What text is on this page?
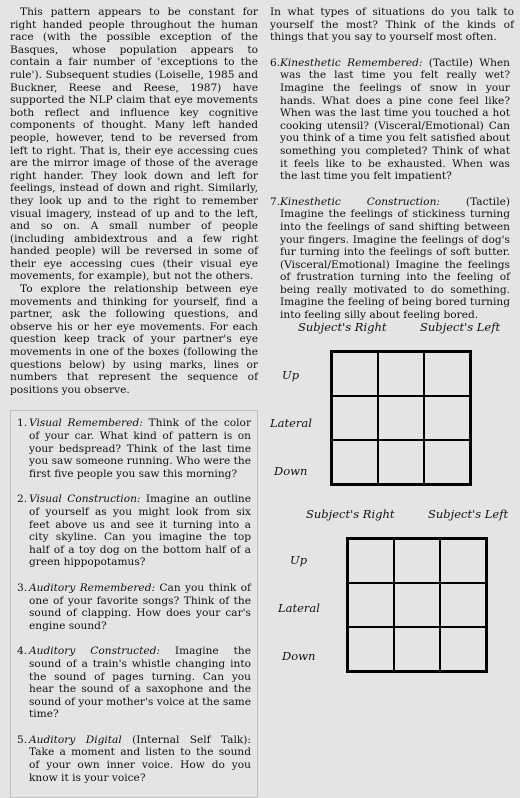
This pattern appears to be constant for right handed people throughout the human race (with the possible exception of the Basques, whose population appears to contain a fair number of 'exceptions to the rule'). Subsequent studies (Loiselle, 1985 and Buckner, Reese and Reese, 1987) have supported the NLP claim that eye movements both reflect and influence key cognitive components of thought. Many left handed people, however, tend to be reversed from left to right. That is, their eye accessing cues are the mirror image of those of the average right hander. They look down and left for feelings, instead of down and right. Similarly, they look up and to the right to remember visual imagery, instead of up and to the left, and so on. A small number of people (including ambidextrous and a few right handed people) will be reversed in some of their eye accessing cues (their visual eye movements, for example), but not the others.

To explore the relationship between eye movements and thinking for yourself, find a partner, ask the following questions, and observe his or her eye movements. For each question keep track of your partner's eye movements in one of the boxes (following the questions below) by using marks, lines or numbers that represent the sequence of positions you observe.

1. Visual Remembered: Think of the color of your car. What kind of pattern is on your bedspread? Think of the last time you saw someone running. Who were the first five people you saw this morning?
2. Visual Construction: Imagine an outline of yourself as you might look from six feet above us and see it turning into a city skyline. Can you imagine the top half of a toy dog on the bottom half of a green hippopotamus?
3. Auditory Remembered: Can you think of one of your favorite songs? Think of the sound of clapping. How does your car's engine sound?
4. Auditory Constructed: Imagine the sound of a train's whistle changing into the sound of pages turning. Can you hear the sound of a saxophone and the sound of your mother's voice at the same time?
5. Auditory Digital (Internal Self Talk): Take a moment and listen to the sound of your own inner voice. How do you know it is your voice?

In what types of situations do you talk to yourself the most? Think of the kinds of things that you say to yourself most often.

6. Kinesthetic Remembered: (Tactile) When was the last time you felt really wet? Imagine the feelings of snow in your hands. What does a pine cone feel like? When was the last time you touched a hot cooking utensil? (Visceral/Emotional) Can you think of a time you felt satisfied about something you completed? Think of what it feels like to be exhausted. When was the last time you felt impatient?
7. Kinesthetic Construction: (Tactile) Imagine the feelings of stickiness turning into the feelings of sand shifting between your fingers. Imagine the feelings of dog's fur turning into the feelings of soft butter. (Visceral/Emotional) Imagine the feelings of frustration turning into the feeling of being really motivated to do something. Imagine the feeling of being bored turning into feeling silly about feeling bored.
Subject's Right	Subject's Left
Up
Lateral
Down
Subject's Right	Subject's Left
Up
Lateral
Down
